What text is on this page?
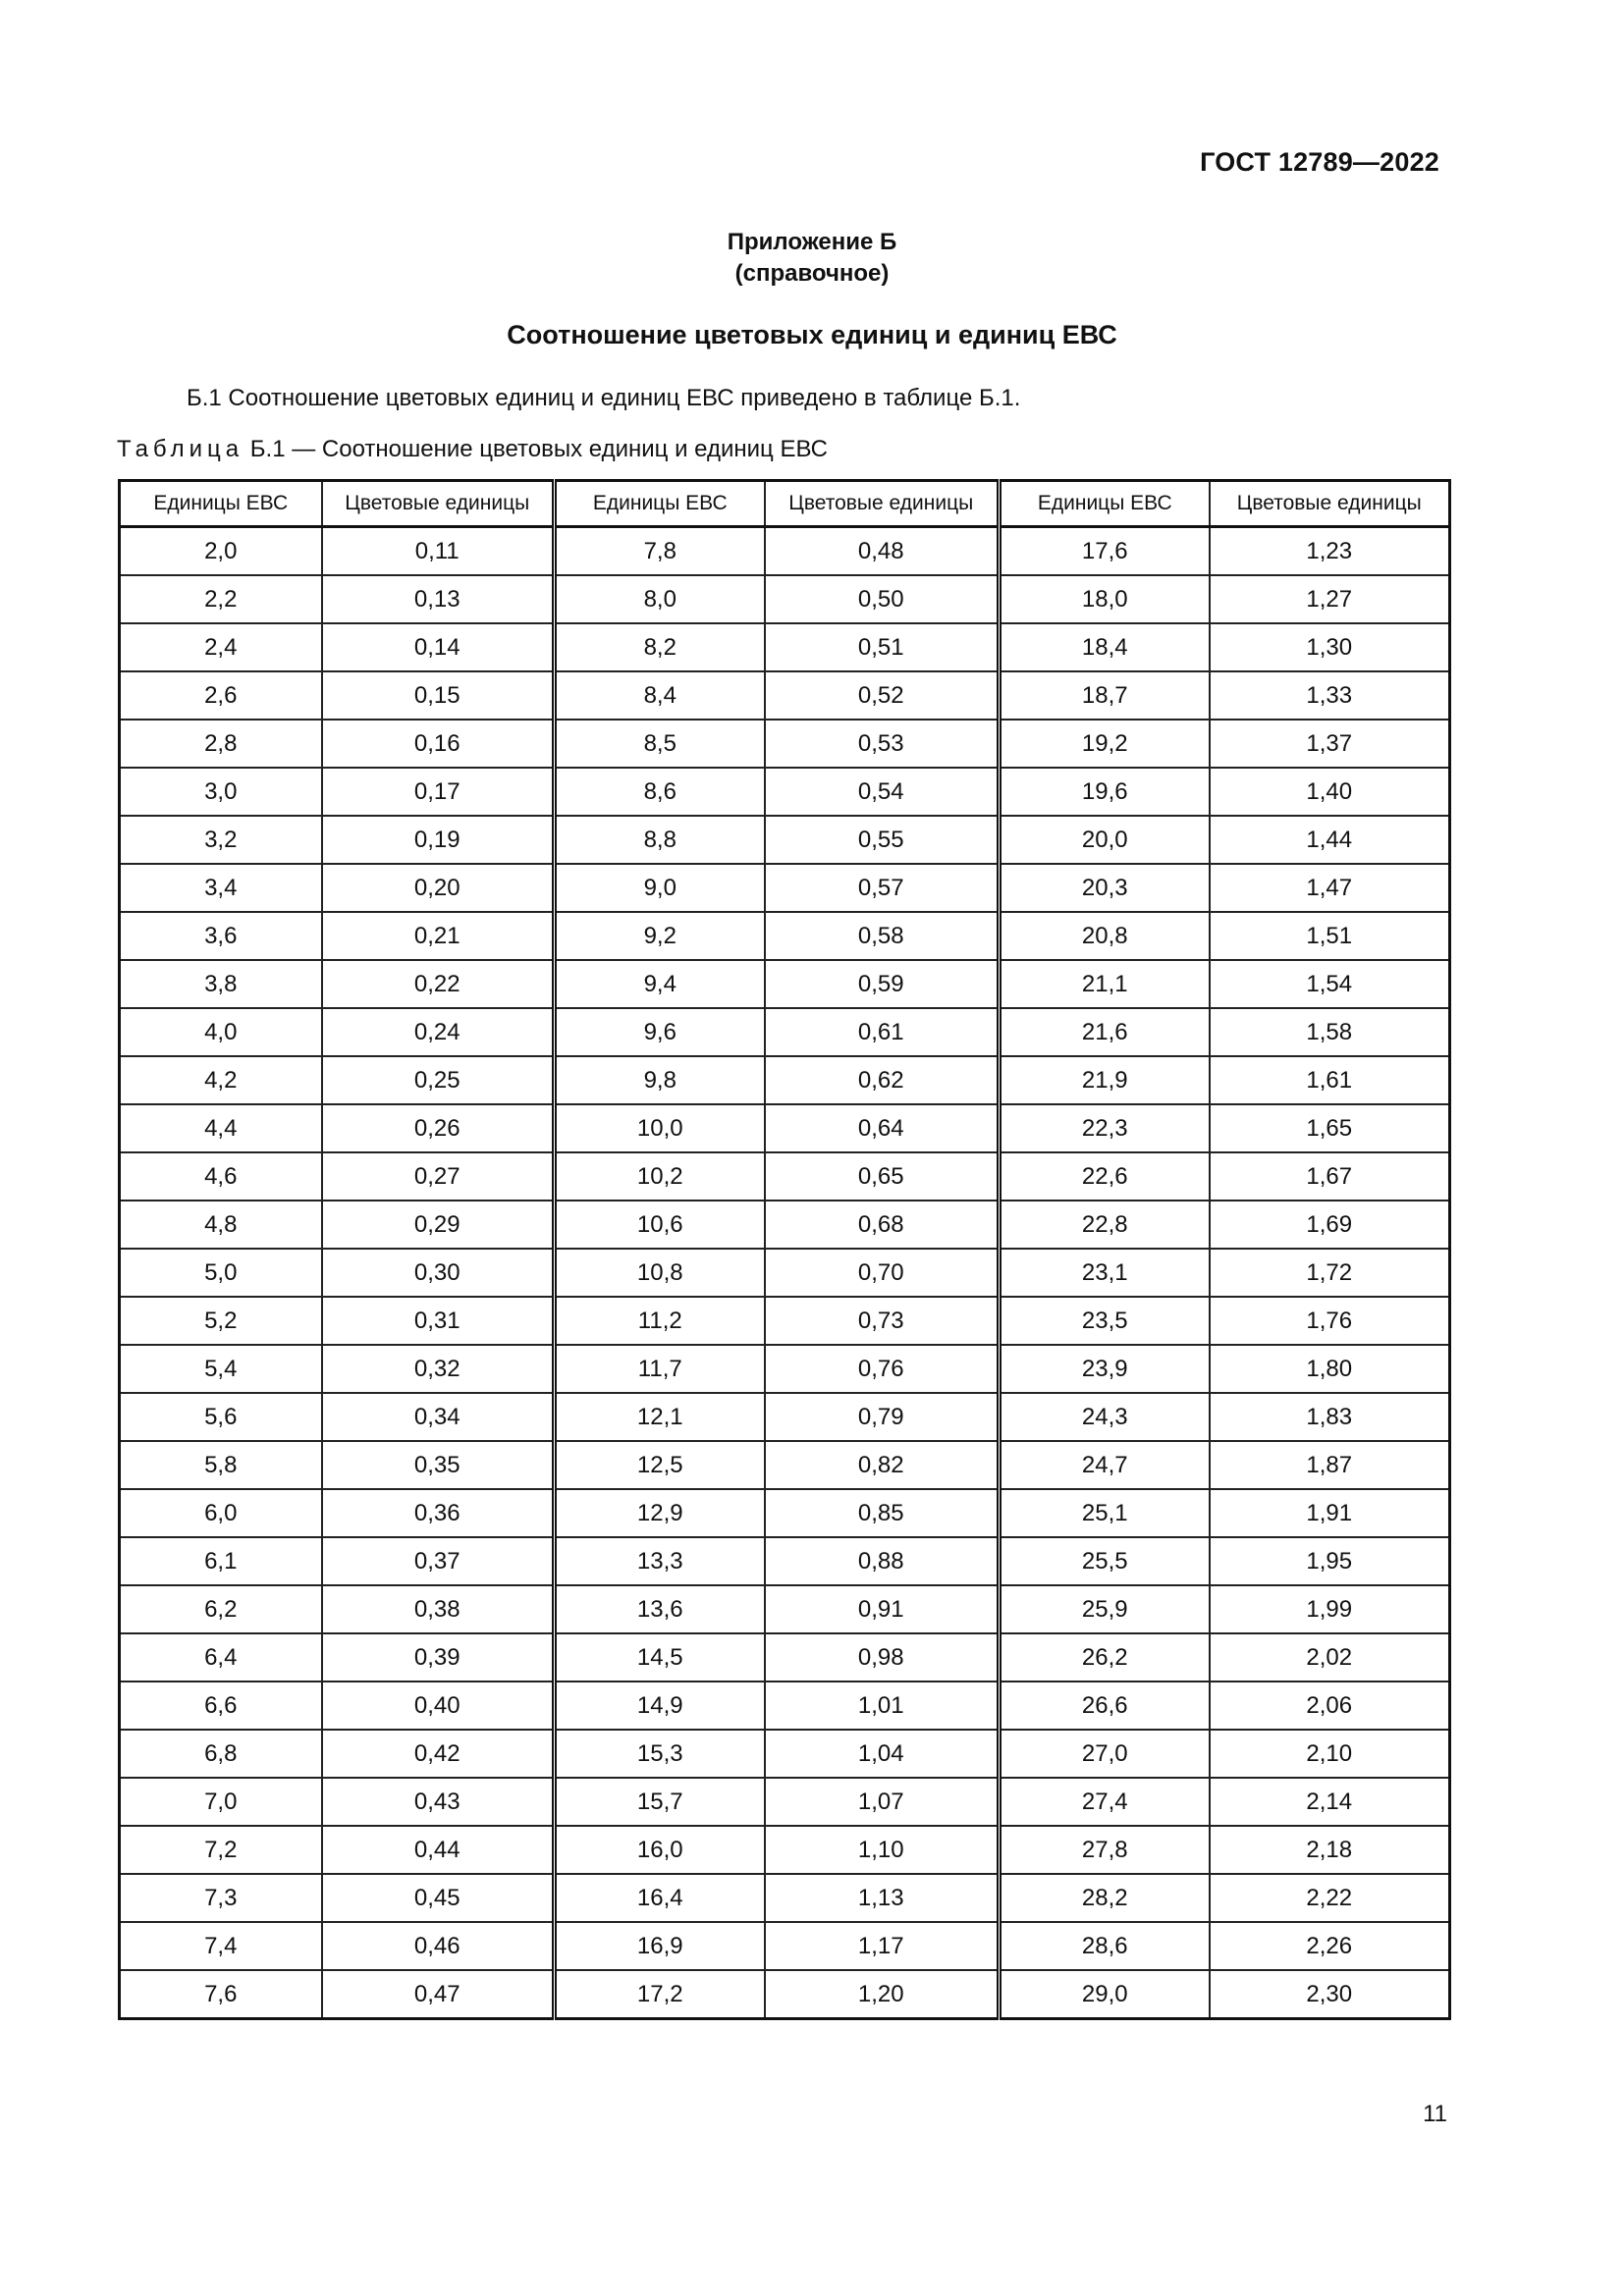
ГОСТ 12789—2022
Приложение Б
(справочное)
Соотношение цветовых единиц и единиц ЕВС
Б.1 Соотношение цветовых единиц и единиц ЕВС приведено в таблице Б.1.
Таблица Б.1 — Соотношение цветовых единиц и единиц ЕВС
Единицы ЕВС	Цветовые единицы	Единицы ЕВС	Цветовые единицы	Единицы ЕВС	Цветовые единицы
2,0	0,11	7,8	0,48	17,6	1,23
2,2	0,13	8,0	0,50	18,0	1,27
2,4	0,14	8,2	0,51	18,4	1,30
2,6	0,15	8,4	0,52	18,7	1,33
2,8	0,16	8,5	0,53	19,2	1,37
3,0	0,17	8,6	0,54	19,6	1,40
3,2	0,19	8,8	0,55	20,0	1,44
3,4	0,20	9,0	0,57	20,3	1,47
3,6	0,21	9,2	0,58	20,8	1,51
3,8	0,22	9,4	0,59	21,1	1,54
4,0	0,24	9,6	0,61	21,6	1,58
4,2	0,25	9,8	0,62	21,9	1,61
4,4	0,26	10,0	0,64	22,3	1,65
4,6	0,27	10,2	0,65	22,6	1,67
4,8	0,29	10,6	0,68	22,8	1,69
5,0	0,30	10,8	0,70	23,1	1,72
5,2	0,31	11,2	0,73	23,5	1,76
5,4	0,32	11,7	0,76	23,9	1,80
5,6	0,34	12,1	0,79	24,3	1,83
5,8	0,35	12,5	0,82	24,7	1,87
6,0	0,36	12,9	0,85	25,1	1,91
6,1	0,37	13,3	0,88	25,5	1,95
6,2	0,38	13,6	0,91	25,9	1,99
6,4	0,39	14,5	0,98	26,2	2,02
6,6	0,40	14,9	1,01	26,6	2,06
6,8	0,42	15,3	1,04	27,0	2,10
7,0	0,43	15,7	1,07	27,4	2,14
7,2	0,44	16,0	1,10	27,8	2,18
7,3	0,45	16,4	1,13	28,2	2,22
7,4	0,46	16,9	1,17	28,6	2,26
7,6	0,47	17,2	1,20	29,0	2,30
11
